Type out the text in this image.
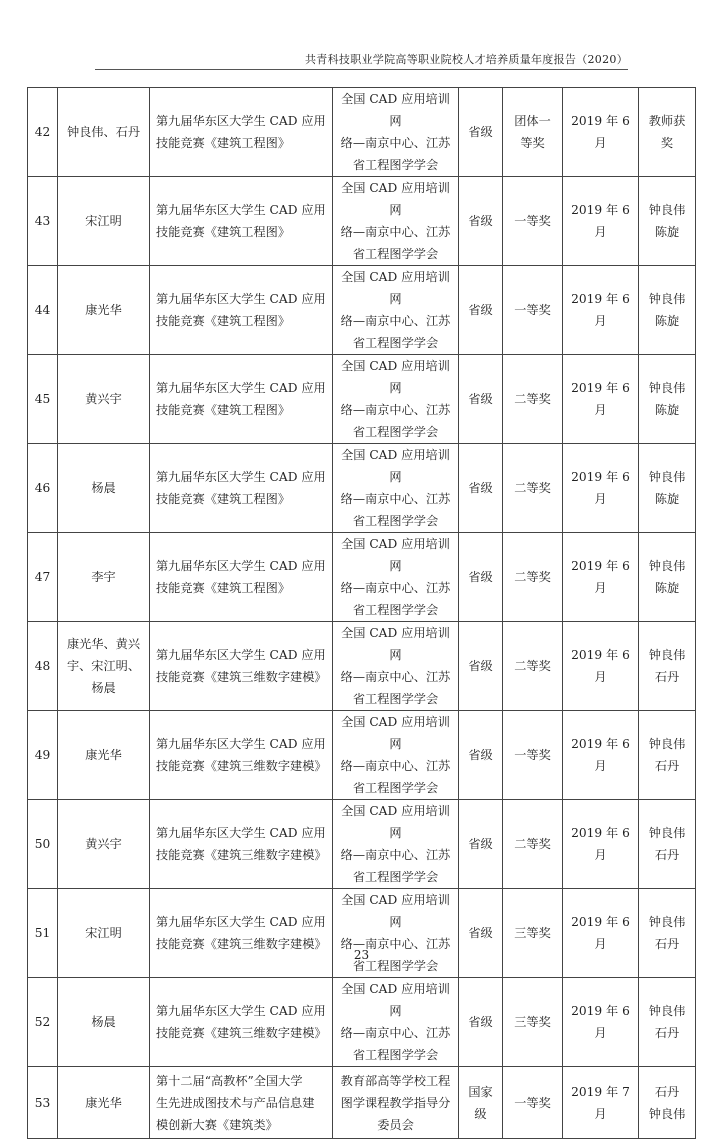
共青科技职业学院高等职业院校人才培养质量年度报告（2020）
42	钟良伟、石丹	第九届华东区大学生 CAD 应用
技能竞赛《建筑工程图》	全国 CAD 应用培训网
络—南京中心、江苏
省工程图学学会	省级	团体一
等奖	2019 年 6 月	教师获
奖

43	宋江明	第九届华东区大学生 CAD 应用
技能竞赛《建筑工程图》	全国 CAD 应用培训网
络—南京中心、江苏
省工程图学学会	省级	一等奖	2019 年 6 月	钟良伟
陈旋

44	康光华	第九届华东区大学生 CAD 应用
技能竞赛《建筑工程图》	全国 CAD 应用培训网
络—南京中心、江苏
省工程图学学会	省级	一等奖	2019 年 6 月	钟良伟
陈旋

45	黄兴宇	第九届华东区大学生 CAD 应用
技能竞赛《建筑工程图》	全国 CAD 应用培训网
络—南京中心、江苏
省工程图学学会	省级	二等奖	2019 年 6 月	钟良伟
陈旋

46	杨晨	第九届华东区大学生 CAD 应用
技能竞赛《建筑工程图》	全国 CAD 应用培训网
络—南京中心、江苏
省工程图学学会	省级	二等奖	2019 年 6 月	钟良伟
陈旋

47	李宇	第九届华东区大学生 CAD 应用
技能竞赛《建筑工程图》	全国 CAD 应用培训网
络—南京中心、江苏
省工程图学学会	省级	二等奖	2019 年 6 月	钟良伟
陈旋

48	康光华、黄兴
宇、宋江明、
杨晨	第九届华东区大学生 CAD 应用
技能竞赛《建筑三维数字建模》	全国 CAD 应用培训网
络—南京中心、江苏
省工程图学学会	省级	二等奖	2019 年 6 月	钟良伟
石丹

49	康光华	第九届华东区大学生 CAD 应用
技能竞赛《建筑三维数字建模》	全国 CAD 应用培训网
络—南京中心、江苏
省工程图学学会	省级	一等奖	2019 年 6 月	钟良伟
石丹

50	黄兴宇	第九届华东区大学生 CAD 应用
技能竞赛《建筑三维数字建模》	全国 CAD 应用培训网
络—南京中心、江苏
省工程图学学会	省级	二等奖	2019 年 6 月	钟良伟
石丹

51	宋江明	第九届华东区大学生 CAD 应用
技能竞赛《建筑三维数字建模》	全国 CAD 应用培训网
络—南京中心、江苏
省工程图学学会	省级	三等奖	2019 年 6 月	钟良伟
石丹

52	杨晨	第九届华东区大学生 CAD 应用
技能竞赛《建筑三维数字建模》	全国 CAD 应用培训网
络—南京中心、江苏
省工程图学学会	省级	三等奖	2019 年 6 月	钟良伟
石丹

53	康光华	第十二届“高教杯”全国大学
生先进成图技术与产品信息建
模创新大赛《建筑类》	教育部高等学校工程
图学课程教学指导分
委员会	国家
级	一等奖	2019 年 7 月	石丹
钟良伟
23
